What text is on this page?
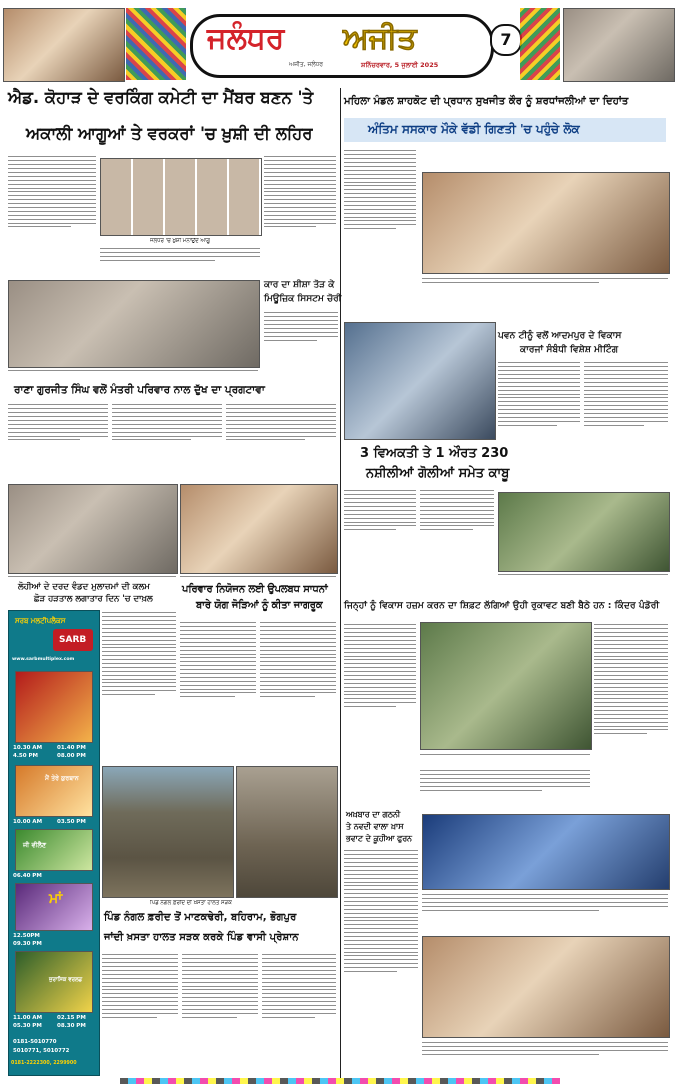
ਜਲੰਧਰ ਅਜੀਤ
ਅਜੀਤ, ਜਲੰਧਰ	ਸ਼ਨਿੱਚਰਵਾਰ, 5 ਜੁਲਾਈ 2025
7
ਐਡ. ਕੋਹਾੜ ਦੇ ਵਰਕਿੰਗ ਕਮੇਟੀ ਦਾ ਮੈਂਬਰ ਬਣਨ 'ਤੇ
ਅਕਾਲੀ ਆਗੂਆਂ ਤੇ ਵਰਕਰਾਂ 'ਚ ਖ਼ੁਸ਼ੀ ਦੀ ਲਹਿਰ
ਜਲੰਧਰ 'ਚ ਖ਼ੁਸ਼ੀ ਮਨਾਉਂਦੇ ਆਗੂ
ਮਹਿਲਾ ਮੰਡਲ ਸ਼ਾਹਕੋਟ ਦੀ ਪ੍ਰਧਾਨ ਸੁਖਜੀਤ ਕੌਰ ਨੂੰ ਸ਼ਰਧਾਂਜਲੀਆਂ ਦਾ ਦਿਹਾਂਤ
ਅੰਤਿਮ ਸਸਕਾਰ ਮੌਕੇ ਵੱਡੀ ਗਿਣਤੀ 'ਚ ਪਹੁੰਚੇ ਲੋਕ
ਕਾਰ ਦਾ ਸ਼ੀਸ਼ਾ ਤੋੜ ਕੇ
ਮਿਊਜ਼ਿਕ ਸਿਸਟਮ ਚੋਰੀ
ਰਾਣਾ ਗੁਰਜੀਤ ਸਿੰਘ ਵਲੋਂ ਮੰਤਰੀ ਪਰਿਵਾਰ ਨਾਲ ਦੁੱਖ ਦਾ ਪ੍ਰਗਟਾਵਾ
ਪਵਨ ਟੀਨੂੰ ਵਲੋਂ ਆਦਮਪੁਰ ਦੇ ਵਿਕਾਸ
ਕਾਰਜਾਂ ਸੰਬੰਧੀ ਵਿਸ਼ੇਸ਼ ਮੀਟਿੰਗ
3 ਵਿਅਕਤੀ ਤੇ 1 ਔਰਤ 230
ਨਸ਼ੀਲੀਆਂ ਗੋਲੀਆਂ ਸਮੇਤ ਕਾਬੂ
ਲੋਹੀਆਂ ਦੇ ਦਰਦ ਵੰਡਦ ਮੁਲਾਜ਼ਮਾਂ ਦੀ ਕਲਮ
ਛੋੜ ਹੜਤਾਲ ਲਗਾਤਾਰ ਦਿਨ 'ਚ ਦਾਖ਼ਲ
ਪਰਿਵਾਰ ਨਿਯੋਜਨ ਲਈ ਉਪਲਬਧ ਸਾਧਨਾਂ
ਬਾਰੇ ਯੋਗ ਜੋੜਿਆਂ ਨੂੰ ਕੀਤਾ ਜਾਗਰੂਕ
ਸਰਬ ਮਲਟੀਪਲੈਕਸ
SARB
www.sarbmultiplex.com
10.30 AM	01.40 PM
4.50 PM	08.00 PM
ਮੈਂ ਤੇਰੇ ਕੁਰਬਾਨ
10.00 AM	03.50 PM
ਜੀ ਵੀਲੈਣ
06.40 PM
ਮਾਂ
12.50PM
09.30 PM
ਜੁਰਾਸਿਕ ਵਰਲਡ
11.00 AM	02.15 PM
05.30 PM	08.30 PM
0181-5010770
5010771, 5010772
0181-2222300, 2299900
ਪਿੰਡ ਨੰਗਲ ਫ਼ਰੀਦ ਦੀ ਖ਼ਸਤਾ ਹਾਲਤ ਸੜਕ
ਪਿੰਡ ਨੰਗਲ ਫ਼ਰੀਦ ਤੋਂ ਮਾਣਕਢੇਰੀ, ਬਹਿਰਾਮ, ਭੋਗਪੁਰ
ਜਾਂਦੀ ਖ਼ਸਤਾ ਹਾਲਤ ਸੜਕ ਕਰਕੇ ਪਿੰਡ ਵਾਸੀ ਪ੍ਰੇਸ਼ਾਨ
ਜਿਨ੍ਹਾਂ ਨੂੰ ਵਿਕਾਸ ਹਜ਼ਮ ਕਰਨ ਦਾ ਸ਼ਿਫ਼ਟ ਲੱਗਿਆਂ ਉਹੀ ਰੁਕਾਵਟ ਬਣੀ ਬੈਠੇ ਹਨ : ਕਿੰਦਰ ਪੰਡੋਰੀ
ਅਖ਼ਬਾਰ ਦਾ ਗਠਨੀ
ਤੇ ਨਵਦੀ ਵਾਲਾ ਖ਼ਾਸ
ਭਵਾਟ ਦੇ ਕੂਹੀਆ ਫੁਰਨ
